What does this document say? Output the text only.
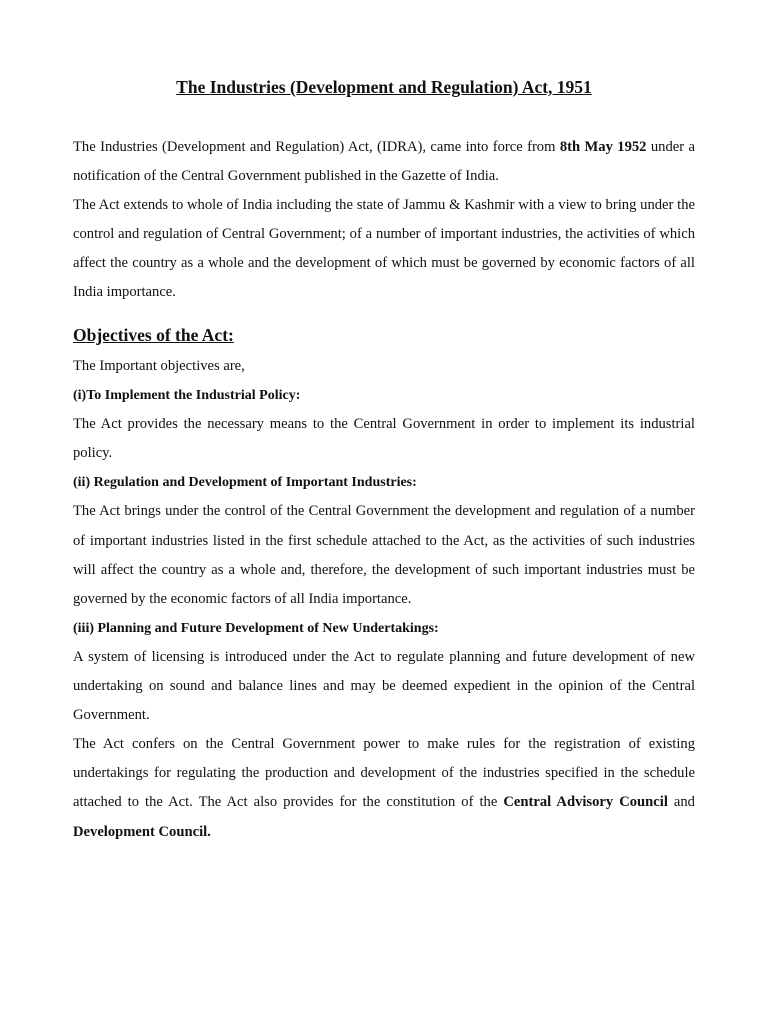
The Industries (Development and Regulation) Act, 1951

The Industries (Development and Regulation) Act, (IDRA), came into force from 8th May 1952 under a notification of the Central Government published in the Gazette of India.

The Act extends to whole of India including the state of Jammu & Kashmir with a view to bring under the control and regulation of Central Government; of a number of important industries, the activities of which affect the country as a whole and the development of which must be governed by economic factors of all India importance.

Objectives of the Act:

The Important objectives are,

(i)To Implement the Industrial Policy:

The Act provides the necessary means to the Central Government in order to implement its industrial policy.

(ii) Regulation and Development of Important Industries:

The Act brings under the control of the Central Government the development and regulation of a number of important industries listed in the first schedule attached to the Act, as the activities of such industries will affect the country as a whole and, therefore, the development of such important industries must be governed by the economic factors of all India importance.

(iii) Planning and Future Development of New Undertakings:

A system of licensing is introduced under the Act to regulate planning and future development of new undertaking on sound and balance lines and may be deemed expedient in the opinion of the Central Government.

The Act confers on the Central Government power to make rules for the registration of existing undertakings for regulating the production and development of the industries specified in the schedule attached to the Act. The Act also provides for the constitution of the Central Advisory Council and Development Council.
